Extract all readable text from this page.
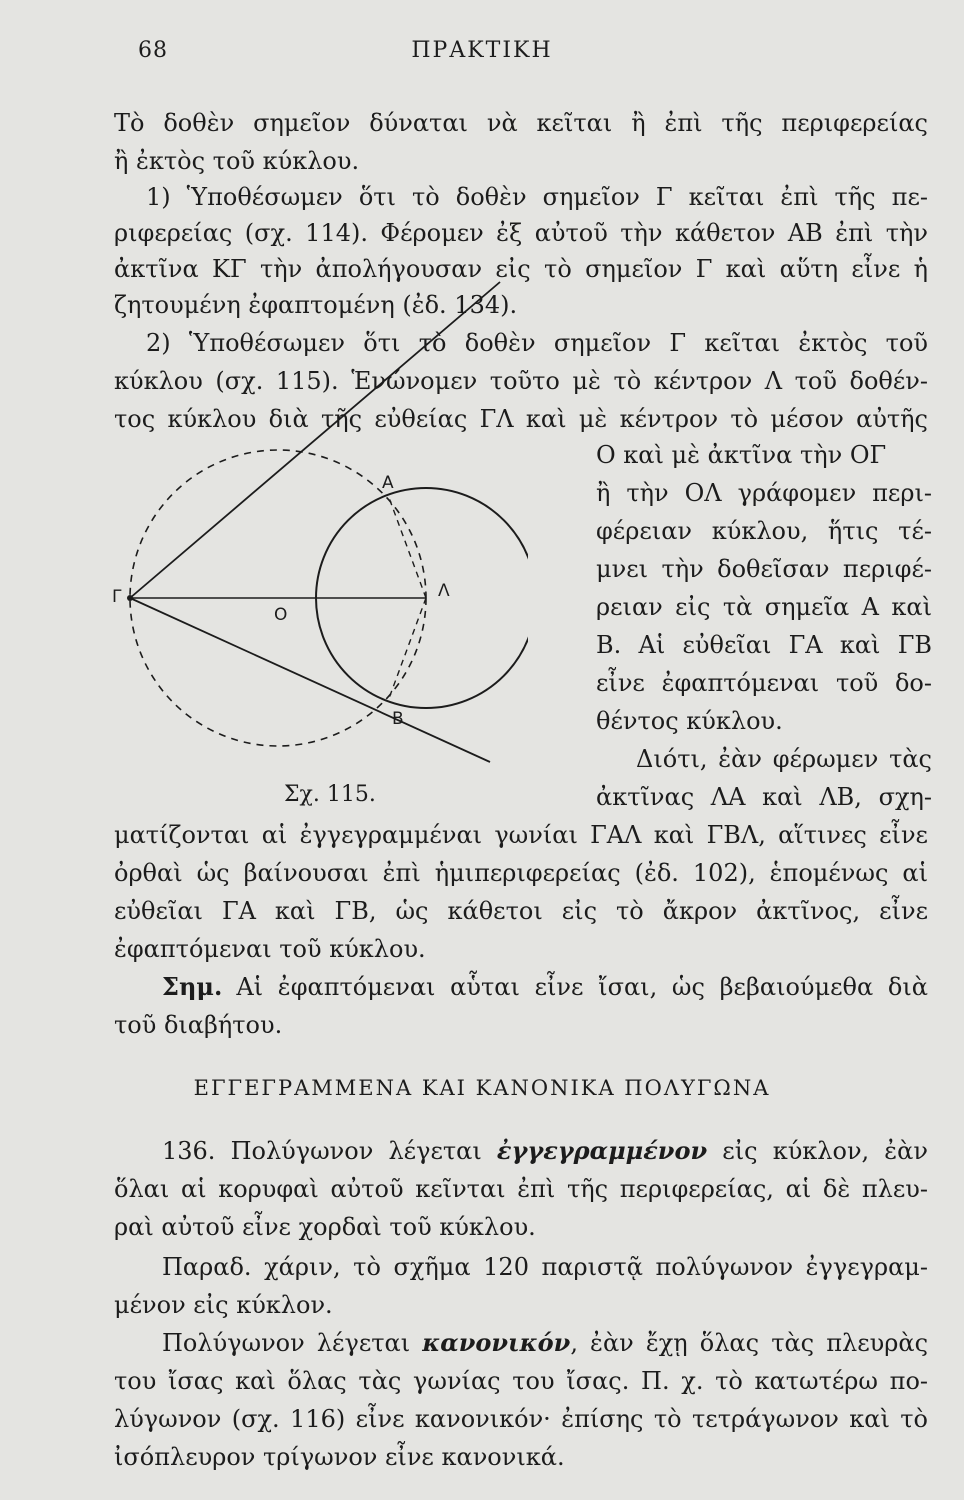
68	ΠΡΑΚΤΙΚΗ
Τὸ δοθὲν σημεῖον δύναται νὰ κεῖται ἢ ἐπὶ τῆς περιφερείας
ἢ ἐκτὸς τοῦ κύκλου.
1) Ὑποθέσωμεν ὅτι τὸ δοθὲν σημεῖον Γ κεῖται ἐπὶ τῆς πε-
ριφερείας (σχ. 114). Φέρομεν ἐξ αὐτοῦ τὴν κάθετον ΑΒ ἐπὶ τὴν
ἀκτῖνα ΚΓ τὴν ἀπολήγουσαν εἰς τὸ σημεῖον Γ καὶ αὕτη εἶνε ἡ
ζητουμένη ἐφαπτομένη (ἐδ. 134).
2) Ὑποθέσωμεν ὅτι τὸ δοθὲν σημεῖον Γ κεῖται ἐκτὸς τοῦ
κύκλου (σχ. 115). Ἑνώνομεν τοῦτο μὲ τὸ κέντρον Λ τοῦ δοθέν-
τος κύκλου διὰ τῆς εὐθείας ΓΛ καὶ μὲ κέντρον τὸ μέσον αὐτῆς
Α
Β
Γ
Ο
Λ
Σχ. 115.
Ο καὶ μὲ ἀκτῖνα τὴν ΟΓ
ἢ τὴν ΟΛ γράφομεν περι-
φέρειαν κύκλου, ἥτις τέ-
μνει τὴν δοθεῖσαν περιφέ-
ρειαν εἰς τὰ σημεῖα Α καὶ
Β. Αἱ εὐθεῖαι ΓΑ καὶ ΓΒ
εἶνε ἐφαπτόμεναι τοῦ δο-
θέντος κύκλου.
Διότι, ἐὰν φέρωμεν τὰς
ἀκτῖνας ΛΑ καὶ ΛΒ, σχη-
ματίζονται αἱ ἐγγεγραμμέναι γωνίαι ΓΑΛ καὶ ΓΒΛ, αἵτινες εἶνε
ὀρθαὶ ὡς βαίνουσαι ἐπὶ ἡμιπεριφερείας (ἐδ. 102), ἑπομένως αἱ
εὐθεῖαι ΓΑ καὶ ΓΒ, ὡς κάθετοι εἰς τὸ ἄκρον ἀκτῖνος, εἶνε
ἐφαπτόμεναι τοῦ κύκλου.
Σημ. Αἱ ἐφαπτόμεναι αὗται εἶνε ἴσαι, ὡς βεβαιούμεθα διὰ
τοῦ διαβήτου.
ΕΓΓΕΓΡΑΜΜΕΝΑ ΚΑΙ ΚΑΝΟΝΙΚΑ ΠΟΛΥΓΩΝΑ
136. Πολύγωνον λέγεται ἐγγεγραμμένον εἰς κύκλον, ἐὰν
ὅλαι αἱ κορυφαὶ αὐτοῦ κεῖνται ἐπὶ τῆς περιφερείας, αἱ δὲ πλευ-
ραὶ αὐτοῦ εἶνε χορδαὶ τοῦ κύκλου.
Παραδ. χάριν, τὸ σχῆμα 120 παριστᾷ πολύγωνον ἐγγεγραμ-
μένον εἰς κύκλον.
Πολύγωνον λέγεται κανονικόν, ἐὰν ἔχῃ ὅλας τὰς πλευρὰς
του ἴσας καὶ ὅλας τὰς γωνίας του ἴσας. Π. χ. τὸ κατωτέρω πο-
λύγωνον (σχ. 116) εἶνε κανονικόν· ἐπίσης τὸ τετράγωνον καὶ τὸ
ἰσόπλευρον τρίγωνον εἶνε κανονικά.
